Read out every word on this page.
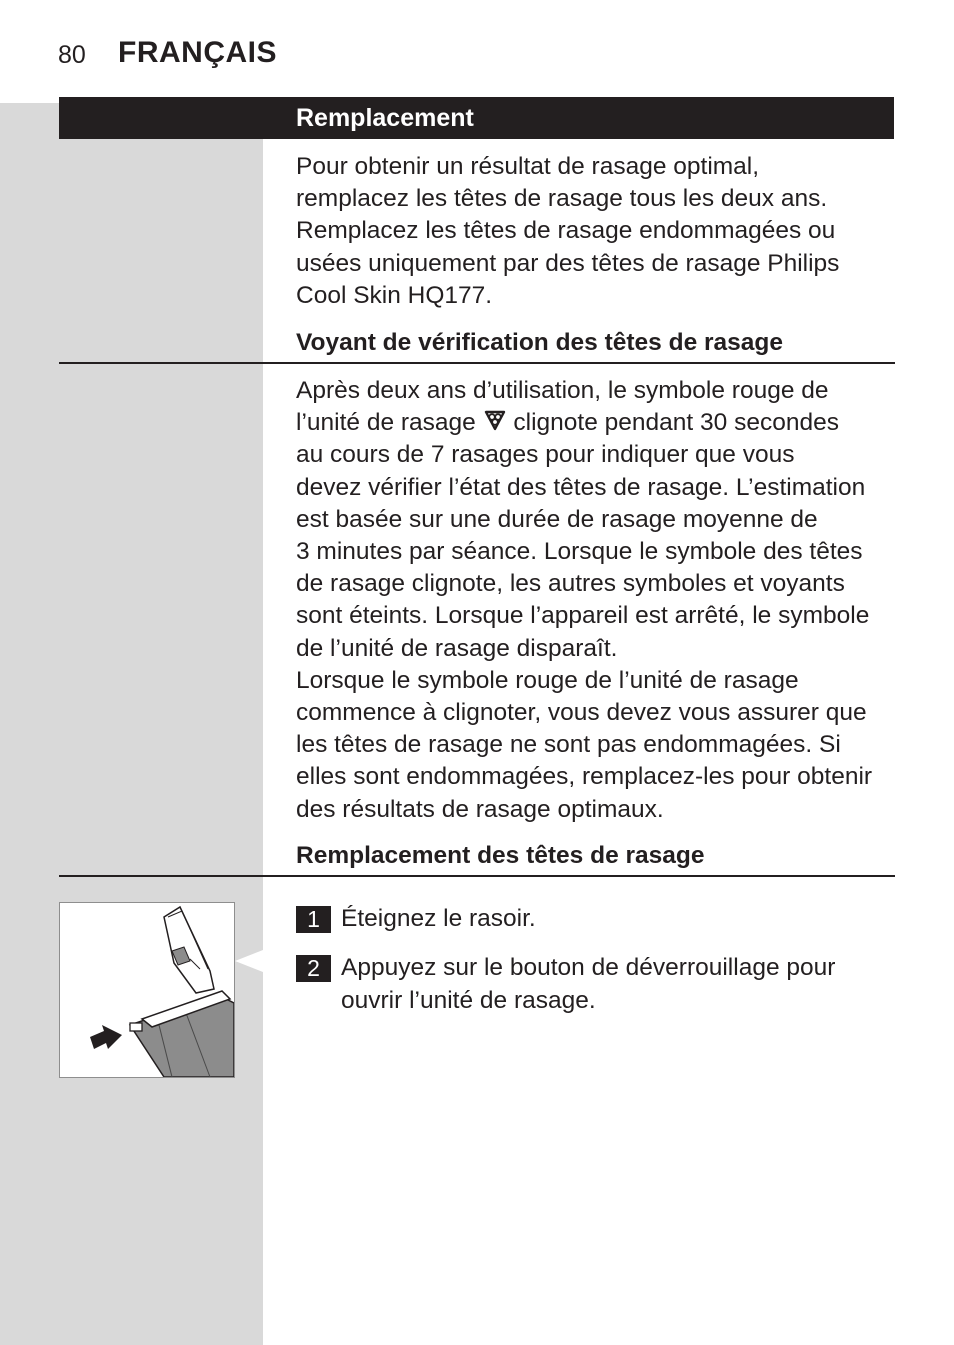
80 FRANÇAIS
Remplacement
Pour obtenir un résultat de rasage optimal,
remplacez les têtes de rasage tous les deux ans.
Remplacez les têtes de rasage endommagées ou
usées uniquement par des têtes de rasage Philips
Cool Skin HQ177.
Voyant de vérification des têtes de rasage
Après deux ans d’utilisation, le symbole rouge de
l’unité de rasage  clignote pendant 30 secondes
au cours de 7 rasages pour indiquer que vous
devez vérifier l’état des têtes de rasage. L’estimation
est basée sur une durée de rasage moyenne de
3 minutes par séance. Lorsque le symbole des têtes
de rasage clignote, les autres symboles et voyants
sont éteints. Lorsque l’appareil est arrêté, le symbole
de l’unité de rasage disparaît.
Lorsque le symbole rouge de l’unité de rasage
commence à clignoter, vous devez vous assurer que
les têtes de rasage ne sont pas endommagées. Si
elles sont endommagées, remplacez-les pour obtenir
des résultats de rasage optimaux.
Remplacement des têtes de rasage
1 Éteignez le rasoir.
2 Appuyez sur le bouton de déverrouillage pour
ouvrir l’unité de rasage.
